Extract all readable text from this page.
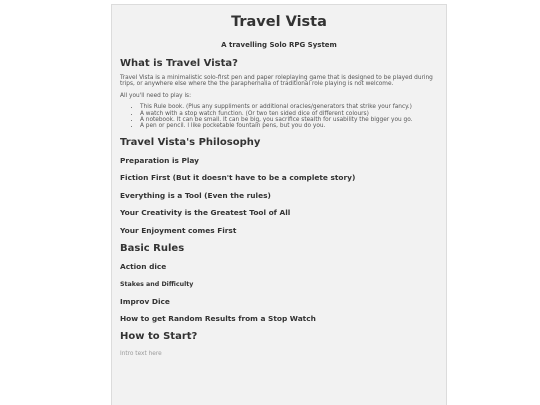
Travel Vista
A travelling Solo RPG System
What is Travel Vista?

Travel Vista is a minimalistic solo-first pen and paper roleplaying game that is designed to be played during trips, or anywhere else where the the paraphernalia of traditional role playing is not welcome.

All you'll need to play is:

• This Rule book. (Plus any suppliments or additional oracles/generators that strike your fancy.)
• A watch with a stop watch function. (Or two ten sided dice of different colours)
• A notebook. It can be small. It can be big, you sacrifice stealth for usability the bigger you go.
• A pen or pencil. I like pocketable fountain pens, but you do you.
Travel Vista's Philosophy
Preparation is Play
Fiction First (But it doesn't have to be a complete story)
Everything is a Tool (Even the rules)
Your Creativity is the Greatest Tool of All
Your Enjoyment comes First
Basic Rules
Action dice
Stakes and Difficulty
Improv Dice
How to get Random Results from a Stop Watch
How to Start?

Intro text here
